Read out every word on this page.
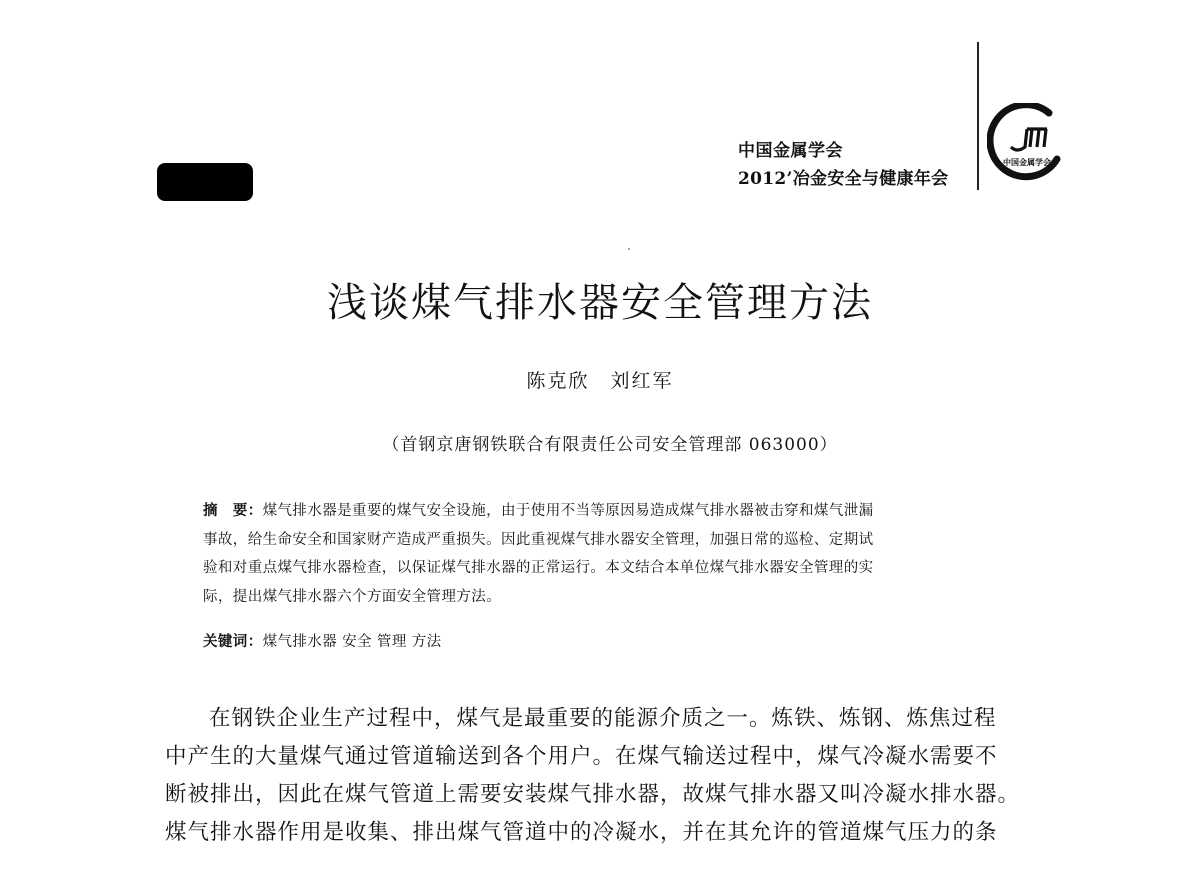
中国金属学会
2012’冶金安全与健康年会
中国金属学会
浅谈煤气排水器安全管理方法
陈克欣　刘红军
（首钢京唐钢铁联合有限责任公司安全管理部 063000）
摘　要：煤气排水器是重要的煤气安全设施，由于使用不当等原因易造成煤气排水器被击穿和煤气泄漏
事故，给生命安全和国家财产造成严重损失。因此重视煤气排水器安全管理，加强日常的巡检、定期试
验和对重点煤气排水器检查，以保证煤气排水器的正常运行。本文结合本单位煤气排水器安全管理的实
际，提出煤气排水器六个方面安全管理方法。
关键词：煤气排水器 安全 管理 方法
在钢铁企业生产过程中，煤气是最重要的能源介质之一。炼铁、炼钢、炼焦过程
中产生的大量煤气通过管道输送到各个用户。在煤气输送过程中，煤气冷凝水需要不
断被排出，因此在煤气管道上需要安装煤气排水器，故煤气排水器又叫冷凝水排水器。
煤气排水器作用是收集、排出煤气管道中的冷凝水，并在其允许的管道煤气压力的条
